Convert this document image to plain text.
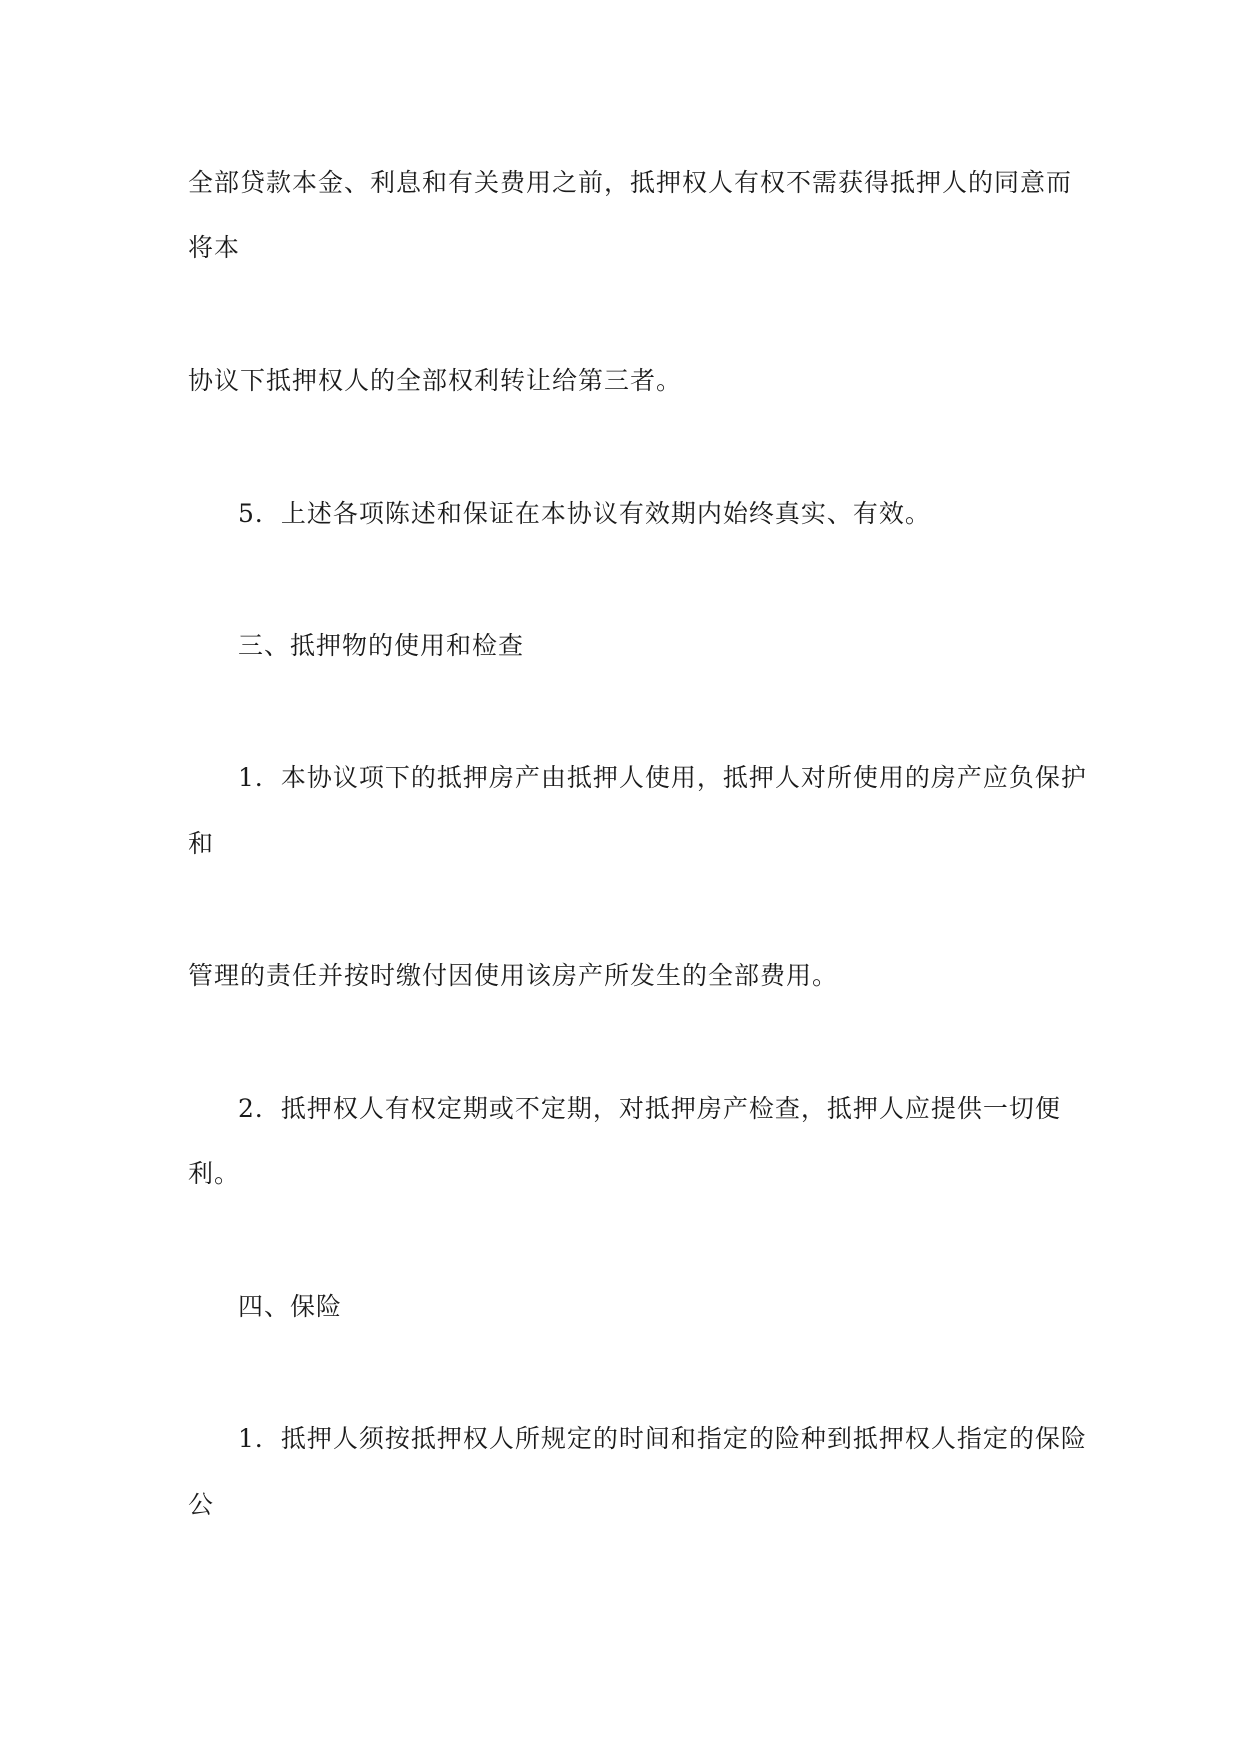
全部贷款本金、利息和有关费用之前，抵押权人有权不需获得抵押人的同意而
将本
协议下抵押权人的全部权利转让给第三者。
5．上述各项陈述和保证在本协议有效期内始终真实、有效。
三、抵押物的使用和检查
1．本协议项下的抵押房产由抵押人使用，抵押人对所使用的房产应负保护
和
管理的责任并按时缴付因使用该房产所发生的全部费用。
2．抵押权人有权定期或不定期，对抵押房产检查，抵押人应提供一切便
利。
四、保险
1．抵押人须按抵押权人所规定的时间和指定的险种到抵押权人指定的保险
公
